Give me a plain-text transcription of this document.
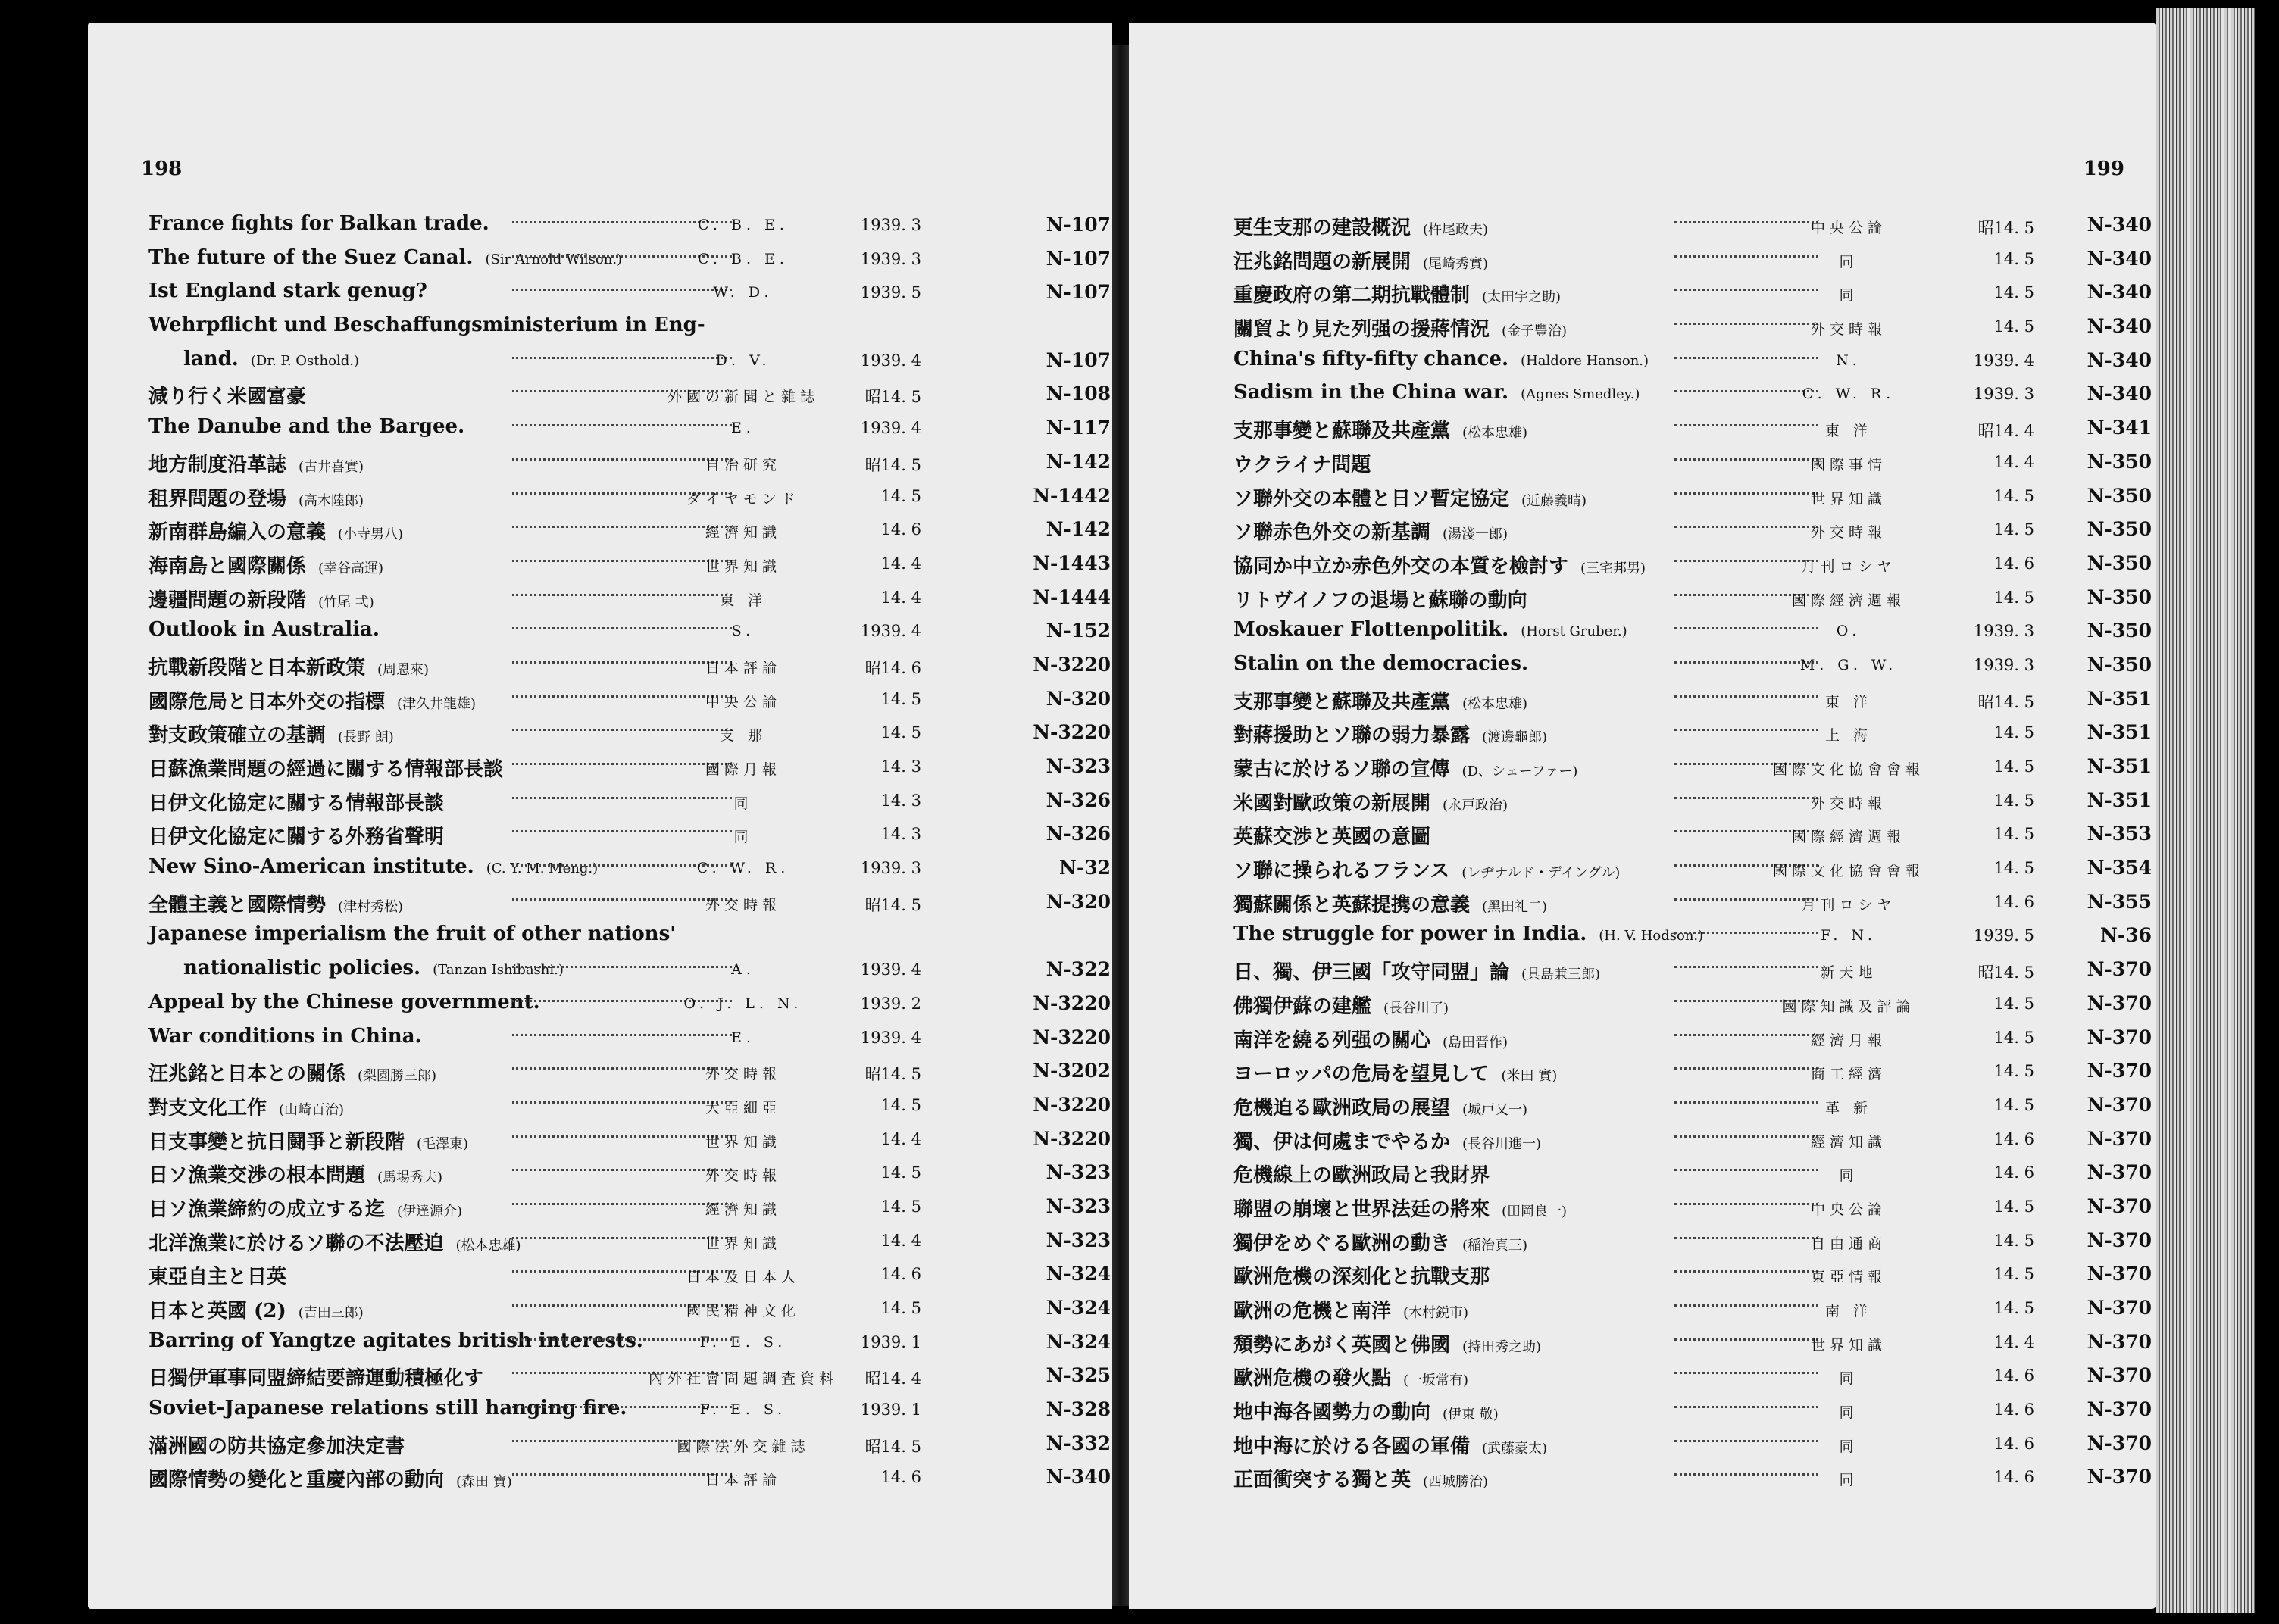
198
France fights for Balkan trade.	C. B. E.	1939. 3	N-107
The future of the Suez Canal. (Sir Arnold Wilson.)	C. B. E.	1939. 3	N-107
Ist England stark genug?	W. D.	1939. 5	N-107
Wehrpflicht und Beschaffungsministerium in Eng-
land. (Dr. P. Osthold.)	D. V.	1939. 4	N-107
減り行く米國富豪	外國の新聞と雜誌	昭14. 5	N-108
The Danube and the Bargee.	E.	1939. 4	N-117
地方制度沿革誌 (古井喜實)	自治研究	昭14. 5	N-142
租界問題の登場 (高木陸郎)	ダイヤモンド	14. 5	N-1442
新南群島編入の意義 (小寺男八)	經濟知識	14. 6	N-142
海南島と國際關係 (幸谷高運)	世界知識	14. 4	N-1443
邊疆問題の新段階 (竹尾 弌)	東 洋	14. 4	N-1444
Outlook in Australia.	S.	1939. 4	N-152
抗戰新段階と日本新政策 (周恩來)	日本評論	昭14. 6	N-3220
國際危局と日本外交の指標 (津久井龍雄)	中央公論	14. 5	N-320
對支政策確立の基調 (長野 朗)	支 那	14. 5	N-3220
日蘇漁業問題の經過に關する情報部長談	國際月報	14. 3	N-323
日伊文化協定に關する情報部長談	同	14. 3	N-326
日伊文化協定に關する外務省聲明	同	14. 3	N-326
New Sino-American institute. (C. Y. M. Meng.)	C. W. R.	1939. 3	N-32
全體主義と國際情勢 (津村秀松)	外交時報	昭14. 5	N-320
Japanese imperialism the fruit of other nations'
nationalistic policies. (Tanzan Ishibashi.)	A.	1939. 4	N-322
Appeal by the Chinese government.	O. J. L. N.	1939. 2	N-3220
War conditions in China.	E.	1939. 4	N-3220
汪兆銘と日本との關係 (梨園勝三郎)	外交時報	昭14. 5	N-3202
對支文化工作 (山崎百治)	大亞細亞	14. 5	N-3220
日支事變と抗日鬪爭と新段階 (毛澤東)	世界知識	14. 4	N-3220
日ソ漁業交渉の根本問題 (馬場秀夫)	外交時報	14. 5	N-323
日ソ漁業締約の成立する迄 (伊達源介)	經濟知識	14. 5	N-323
北洋漁業に於けるソ聯の不法壓迫 (松本忠雄)	世界知識	14. 4	N-323
東亞自主と日英	日本及日本人	14. 6	N-324
日本と英國 (2) (吉田三郎)	國民精神文化	14. 5	N-324
Barring of Yangtze agitates british interests.	F. E. S.	1939. 1	N-324
日獨伊軍事同盟締結要諦運動積極化す	內外社會問題調査資料	昭14. 4	N-325
Soviet-Japanese relations still hanging fire.	F. E. S.	1939. 1	N-328
滿洲國の防共協定參加決定書	國際法外交雜誌	昭14. 5	N-332
國際情勢の變化と重慶內部の動向 (森田 寶)	日本評論	14. 6	N-340
199
更生支那の建設概況 (杵尾政夫)	中央公論	昭14. 5	N-340
汪兆銘問題の新展開 (尾崎秀實)	同	14. 5	N-340
重慶政府の第二期抗戰體制 (太田宇之助)	同	14. 5	N-340
關貿より見た列强の援蔣情況 (金子豐治)	外交時報	14. 5	N-340
China's fifty-fifty chance. (Haldore Hanson.)	N.	1939. 4	N-340
Sadism in the China war. (Agnes Smedley.)	C. W. R.	1939. 3	N-340
支那事變と蘇聯及共產黨 (松本忠雄)	東 洋	昭14. 4	N-341
ウクライナ問題	國際事情	14. 4	N-350
ソ聯外交の本體と日ソ暫定協定 (近藤義晴)	世界知識	14. 5	N-350
ソ聯赤色外交の新基調 (湯淺一郎)	外交時報	14. 5	N-350
協同か中立か赤色外交の本質を檢討す (三宅邦男)	月刊ロシヤ	14. 6	N-350
リトヴイノフの退場と蘇聯の動向	國際經濟週報	14. 5	N-350
Moskauer Flottenpolitik. (Horst Gruber.)	O.	1939. 3	N-350
Stalin on the democracies.	M. G. W.	1939. 3	N-350
支那事變と蘇聯及共產黨 (松本忠雄)	東 洋	昭14. 5	N-351
對蔣援助とソ聯の弱力暴露 (渡邊龜郎)	上 海	14. 5	N-351
蒙古に於けるソ聯の宣傳 (D、シェーファー)	國際文化協會會報	14. 5	N-351
米國對歐政策の新展開 (永戸政治)	外交時報	14. 5	N-351
英蘇交渉と英國の意圖	國際經濟週報	14. 5	N-353
ソ聯に操られるフランス (レヂナルド・デイングル)	國際文化協會會報	14. 5	N-354
獨蘇關係と英蘇提携の意義 (黑田礼二)	月刊ロシヤ	14. 6	N-355
The struggle for power in India. (H. V. Hodson.)	F. N.	1939. 5	N-36
日、獨、伊三國「攻守同盟」論 (具島兼三郎)	新天地	昭14. 5	N-370
佛獨伊蘇の建艦 (長谷川了)	國際知識及評論	14. 5	N-370
南洋を繞る列强の關心 (島田晋作)	經濟月報	14. 5	N-370
ヨーロッパの危局を望見して (米田 實)	商工經濟	14. 5	N-370
危機迫る歐洲政局の展望 (城戸又一)	革 新	14. 5	N-370
獨、伊は何處までやるか (長谷川進一)	經濟知識	14. 6	N-370
危機線上の歐洲政局と我財界	同	14. 6	N-370
聯盟の崩壞と世界法廷の將來 (田岡良一)	中央公論	14. 5	N-370
獨伊をめぐる歐洲の動き (稲治真三)	自由通商	14. 5	N-370
歐洲危機の深刻化と抗戰支那	東亞情報	14. 5	N-370
歐洲の危機と南洋 (木村鋭市)	南 洋	14. 5	N-370
頽勢にあがく英國と佛國 (持田秀之助)	世界知識	14. 4	N-370
歐洲危機の發火點 (一坂常有)	同	14. 6	N-370
地中海各國勢力の動向 (伊東 敬)	同	14. 6	N-370
地中海に於ける各國の軍備 (武藤豪太)	同	14. 6	N-370
正面衝突する獨と英 (西城勝治)	同	14. 6	N-370
